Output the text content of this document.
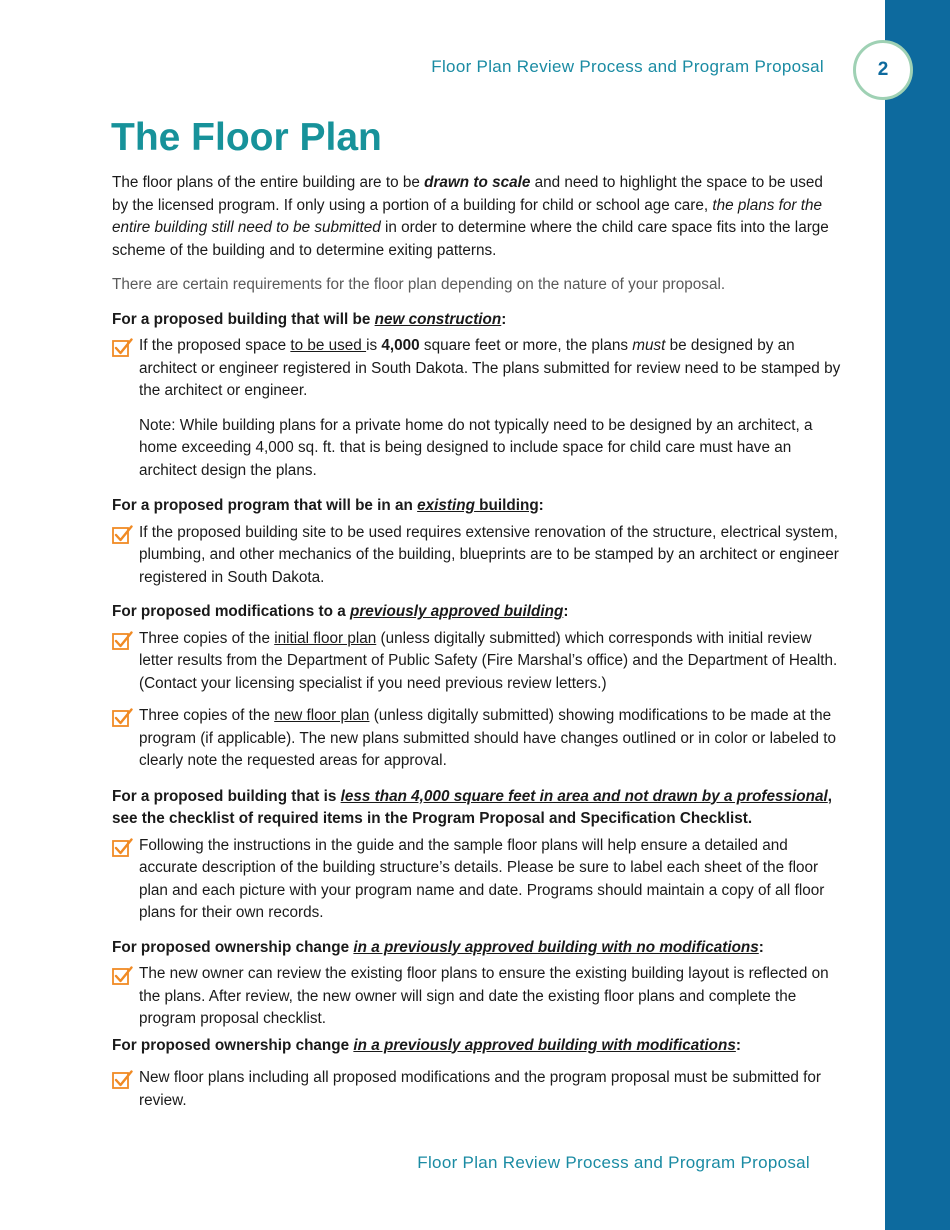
2
Floor Plan Review Process and Program Proposal
The Floor Plan

The floor plans of the entire building are to be drawn to scale and need to highlight the space to be used by the licensed program. If only using a portion of a building for child or school age care, the plans for the entire building still need to be submitted in order to determine where the child care space fits into the large scheme of the building and to determine exiting patterns.

There are certain requirements for the floor plan depending on the nature of your proposal.

For a proposed building that will be new construction:

If the proposed space to be used is 4,000 square feet or more, the plans must be designed by an architect or engineer registered in South Dakota. The plans submitted for review need to be stamped by the architect or engineer.

Note: While building plans for a private home do not typically need to be designed by an architect, a home exceeding 4,000 sq. ft. that is being designed to include space for child care must have an architect design the plans.

For a proposed program that will be in an existing building:

If the proposed building site to be used requires extensive renovation of the structure, electrical system, plumbing, and other mechanics of the building, blueprints are to be stamped by an architect or engineer registered in South Dakota.

For proposed modifications to a previously approved building:

Three copies of the initial floor plan (unless digitally submitted) which corresponds with initial review letter results from the Department of Public Safety (Fire Marshal’s office) and the Department of Health. (Contact your licensing specialist if you need previous review letters.)

Three copies of the new floor plan (unless digitally submitted) showing modifications to be made at the program (if applicable). The new plans submitted should have changes outlined or in color or labeled to clearly note the requested areas for approval.

For a proposed building that is less than 4,000 square feet in area and not drawn by a professional, see the checklist of required items in the Program Proposal and Specification Checklist.

Following the instructions in the guide and the sample floor plans will help ensure a detailed and accurate description of the building structure’s details. Please be sure to label each sheet of the floor plan and each picture with your program name and date. Programs should maintain a copy of all floor plans for their own records.

For proposed ownership change in a previously approved building with no modifications:

The new owner can review the existing floor plans to ensure the existing building layout is reflected on the plans. After review, the new owner will sign and date the existing floor plans and complete the program proposal checklist.

For proposed ownership change in a previously approved building with modifications:

New floor plans including all proposed modifications and the program proposal must be submitted for review.

Floor Plan Review Process and Program Proposal
